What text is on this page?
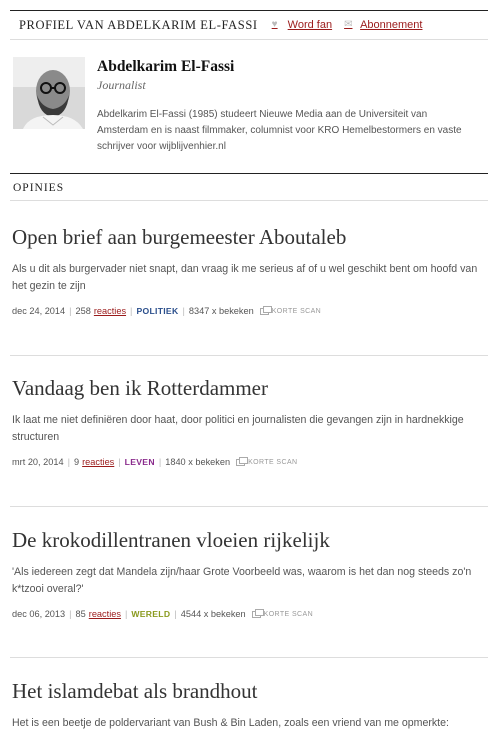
PROFIEL VAN ABDELKARIM EL-FASSI ♥ Word fan ✉ Abonnement
Abdelkarim El-Fassi
Journalist
Abdelkarim El-Fassi (1985) studeert Nieuwe Media aan de Universiteit van Amsterdam en is naast filmmaker, columnist voor KRO Hemelbestormers en vaste schrijver voor wijblijvenhier.nl
OPINIES
Open brief aan burgemeester Aboutaleb
Als u dit als burgervader niet snapt, dan vraag ik me serieus af of u wel geschikt bent om hoofd van het gezin te zijn
dec 24, 2014 | 258 reacties | POLITIEK | 8347 x bekeken	KORTE SCAN
Vandaag ben ik Rotterdammer
Ik laat me niet definiëren door haat, door politici en journalisten die gevangen zijn in hardnekkige structuren
mrt 20, 2014 | 9 reacties | LEVEN | 1840 x bekeken	KORTE SCAN
De krokodillentranen vloeien rijkelijk
'Als iedereen zegt dat Mandela zijn/haar Grote Voorbeeld was, waarom is het dan nog steeds zo'n k*tzooi overal?'
dec 06, 2013 | 85 reacties | WERELD | 4544 x bekeken	KORTE SCAN
Het islamdebat als brandhout
Het is een beetje de poldervariant van Bush & Bin Laden, zoals een vriend van me opmerkte:
